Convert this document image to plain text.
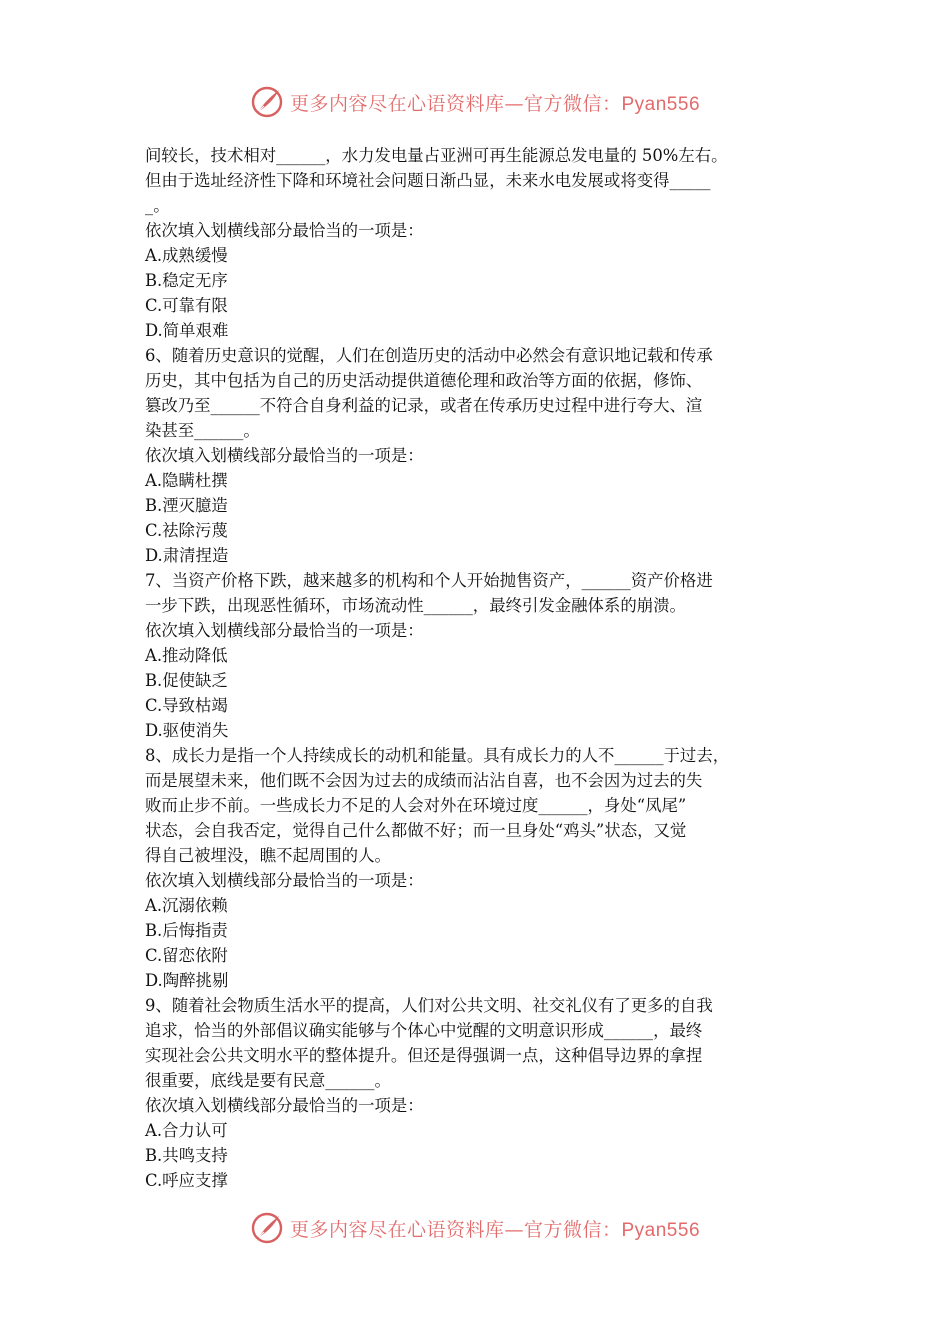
更多内容尽在心语资料库—官方微信：Pyan556
间较长，技术相对______，水力发电量占亚洲可再生能源总发电量的 50%左右。
但由于选址经济性下降和环境社会问题日渐凸显，未来水电发展或将变得_____
_。
依次填入划横线部分最恰当的一项是：
A.成熟缓慢
B.稳定无序
C.可靠有限
D.简单艰难
6、随着历史意识的觉醒，人们在创造历史的活动中必然会有意识地记载和传承
历史，其中包括为自己的历史活动提供道德伦理和政治等方面的依据，修饰、
篡改乃至______不符合自身利益的记录，或者在传承历史过程中进行夸大、渲
染甚至______。
依次填入划横线部分最恰当的一项是：
A.隐瞒杜撰
B.湮灭臆造
C.祛除污蔑
D.肃清捏造
7、当资产价格下跌，越来越多的机构和个人开始抛售资产，______资产价格进
一步下跌，出现恶性循环，市场流动性______，最终引发金融体系的崩溃。
依次填入划横线部分最恰当的一项是：
A.推动降低
B.促使缺乏
C.导致枯竭
D.驱使消失
8、成长力是指一个人持续成长的动机和能量。具有成长力的人不______于过去，
而是展望未来，他们既不会因为过去的成绩而沾沾自喜，也不会因为过去的失
败而止步不前。一些成长力不足的人会对外在环境过度______，身处“凤尾”
状态，会自我否定，觉得自己什么都做不好；而一旦身处“鸡头”状态，又觉
得自己被埋没，瞧不起周围的人。
依次填入划横线部分最恰当的一项是：
A.沉溺依赖
B.后悔指责
C.留恋依附
D.陶醉挑剔
9、随着社会物质生活水平的提高，人们对公共文明、社交礼仪有了更多的自我
追求，恰当的外部倡议确实能够与个体心中觉醒的文明意识形成______，最终
实现社会公共文明水平的整体提升。但还是得强调一点，这种倡导边界的拿捏
很重要，底线是要有民意______。
依次填入划横线部分最恰当的一项是：
A.合力认可
B.共鸣支持
C.呼应支撑
更多内容尽在心语资料库—官方微信：Pyan556
